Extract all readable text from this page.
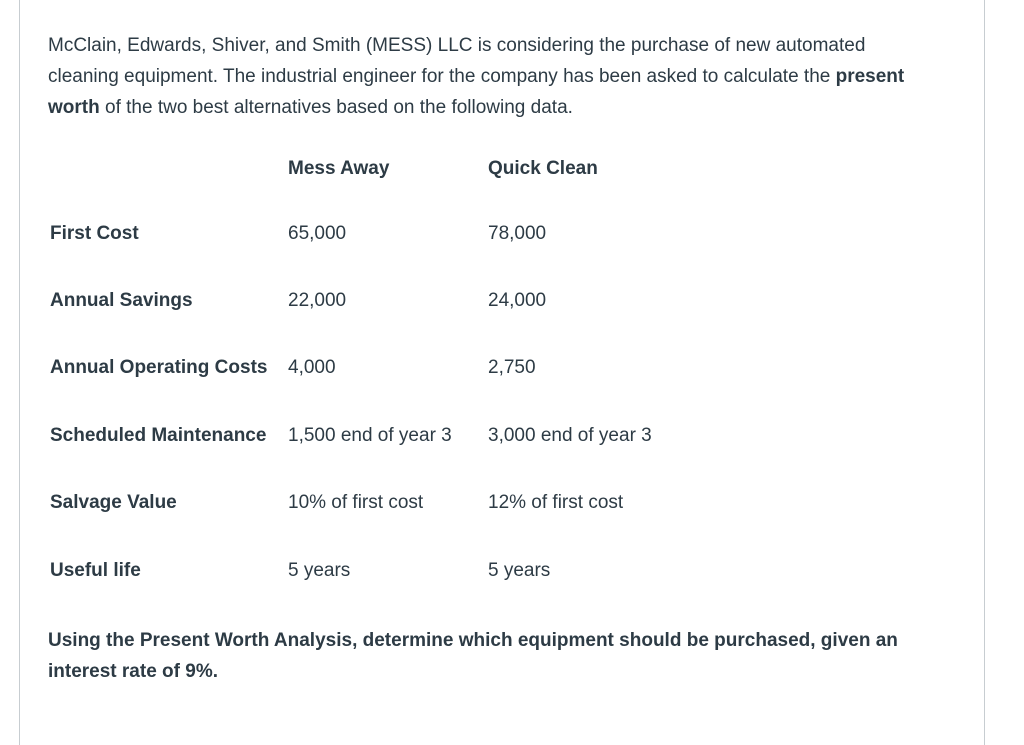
McClain, Edwards, Shiver, and Smith (MESS) LLC is considering the purchase of new automated cleaning equipment. The industrial engineer for the company has been asked to calculate the present worth of the two best alternatives based on the following data.

	Mess Away	Quick Clean
First Cost	65,000	78,000
Annual Savings	22,000	24,000
Annual Operating Costs	4,000	2,750
Scheduled Maintenance	1,500 end of year 3	3,000 end of year 3
Salvage Value	10% of first cost	12% of first cost
Useful life	5 years	5 years

Using the Present Worth Analysis, determine which equipment should be purchased, given an interest rate of 9%.
